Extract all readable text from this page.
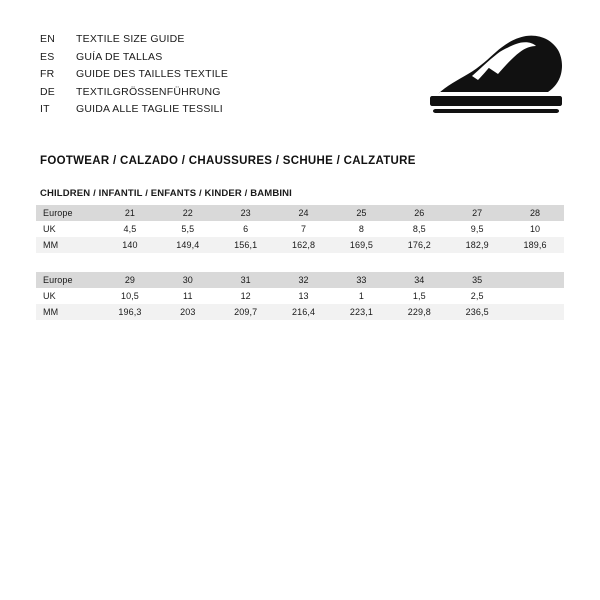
EN	TEXTILE SIZE GUIDE
ES	GUÍA DE TALLAS
FR	GUIDE DES TAILLES TEXTILE
DE	TEXTILGRÖSSENFÜHRUNG
IT	GUIDA ALLE TAGLIE TESSILI
FOOTWEAR / CALZADO / CHAUSSURES / SCHUHE / CALZATURE
CHILDREN / INFANTIL / ENFANTS / KINDER / BAMBINI
Europe	21	22	23	24	25	26	27	28
UK	4,5	5,5	6	7	8	8,5	9,5	10
MM	140	149,4	156,1	162,8	169,5	176,2	182,9	189,6
Europe	29	30	31	32	33	34	35	
UK	10,5	11	12	13	1	1,5	2,5	
MM	196,3	203	209,7	216,4	223,1	229,8	236,5	
